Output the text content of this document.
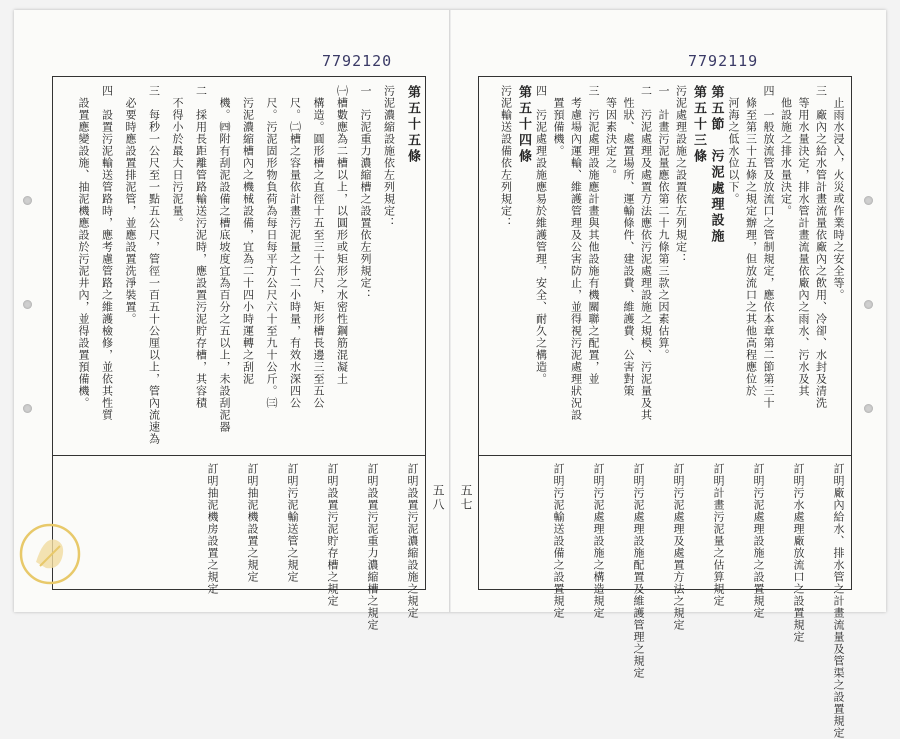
7792120
第五十五條
污泥濃縮設施依左列規定：
一　污泥重力濃縮槽之設置依左列規定：
㈠槽數應為二槽以上，以圓形或矩形之水密性鋼筋混凝土
　構造。圓形槽之直徑十五至三十公尺，矩形槽長邊三至五公
　尺。㈡槽之容量依計畫污泥量之十二小時量，有效水深四公
　尺。污泥固形物負荷為每日每平方公尺六十至九十公斤。㈢
　污泥濃縮槽內之機械設備，宜為二十四小時運轉之刮泥
　機。㈣附有刮泥設備之槽底坡度宜為百分之五以上，未設刮泥器
二　採用長距離管路輸送污泥時，應設置污泥貯存槽，其容積
　不得小於最大日污泥量。
三　每秒一公尺至一點五公尺，管徑一百五十公厘以上，管內流速為
　必要時應設置排泥管，並應設置洗淨裝置。
四　設置污泥輸送管路時，應考慮管路之維護檢修，並依其性質
　設置應變設施、抽泥機應設於污泥井內，並得設置預備機。
訂明設置污泥濃縮設施之規定
訂明設置污泥重力濃縮槽之規定
訂明設置污泥貯存槽之規定
訂明污泥輸送管之規定
訂明抽泥機設置之規定
訂明抽泥機房設置之規定	五八
7792119
　止雨水浸入，火災或作業時之安全等。
三　廠內之給水管計畫流量依廠內之飲用、冷卻、水封及清洗
　等用水量決定，排水管計畫流量依廠內之雨水、污水及其
　他設施之排水量決定。
四　一般放流管及放流口之管制規定，應依本章第二節第三十
　條至第三十五條之規定辦理，但放流口之其他高程應位於
　河海之低水位以下。
第五節　污泥處理設施
第五十三條
污泥處理設施之設置依左列規定：
一　計畫污泥量應依第二十九條第三款之因素估算。
二　污泥處理及處置方法應依污泥處理設施之規模、污泥量及其
　性狀、處置場所、運輸條件、建設費、維護費、公害對策
　等因素決定之。
三　污泥處理設施應計畫與其他設施有機關聯之配置，並
　考慮場內運輸、維護管理及公害防止，並得視污泥處理狀況設
　置預備機。
四　污泥處理設施應易於維護管理，安全、耐久之構造。
第五十四條
污泥輸送設備依左列規定：
訂明廠內給水、排水管之計畫流量及管渠之設置規定
訂明污水處理廠放流口之設置規定
訂明污泥處理設施之設置規定
訂明計畫污泥量之估算規定
訂明污泥處理及處置方法之規定
訂明污泥處理設施配置及維護管理之規定
訂明污泥處理設施之構造規定
訂明污泥輸送設備之設置規定
五七
